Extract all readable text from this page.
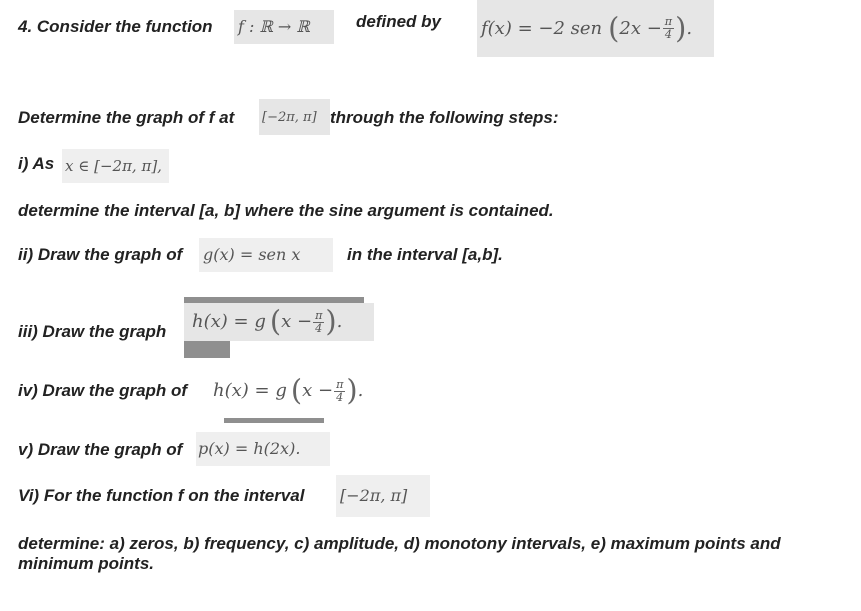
4. Consider the function f : ℝ → ℝ	defined by f(x) = −2 sen ( $2x - \frac{\pi}{4}$ ) .
Determine the graph of f at [−2π, π] through the following steps:
i) As x ∈ [−2π, π],
determine the interval [a, b] where the sine argument is contained.
ii) Draw the graph of g(x) = sen x	in the interval [a,b].
iii) Draw the graph h(x) = g ( $x - \frac{\pi}{4}$ ) .
iv) Draw the graph of h(x) = g ( $x - \frac{\pi}{4}$ ) .
v) Draw the graph of p(x) = h(2x).
Vi) For the function f on the interval [−2π, π]
determine: a) zeros, b) frequency, c) amplitude, d) monotony intervals, e) maximum points and
minimum points.
